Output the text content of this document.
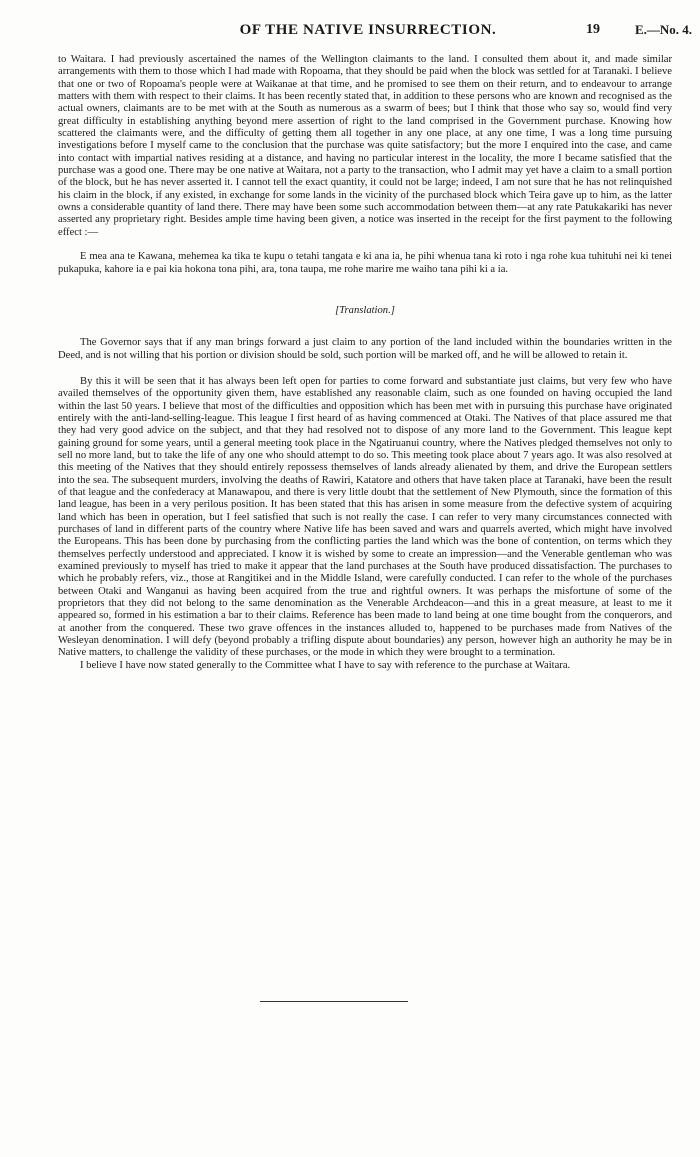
OF THE NATIVE INSURRECTION.	19	E.—No. 4.

to Waitara. I had previously ascertained the names of the Wellington claimants to the land. I consulted them about it, and made similar arrangements with them to those which I had made with Ropoama, that they should be paid when the block was settled for at Taranaki. I believe that one or two of Ropoama's people were at Waikanae at that time, and he promised to see them on their return, and to endeavour to arrange matters with them with respect to their claims. It has been recently stated that, in addition to these persons who are known and recognised as the actual owners, claimants are to be met with at the South as numerous as a swarm of bees; but I think that those who say so, would find very great difficulty in establishing anything beyond mere assertion of right to the land comprised in the Government purchase. Knowing how scattered the claimants were, and the difficulty of getting them all together in any one place, at any one time, I was a long time pursuing investigations before I myself came to the conclusion that the purchase was quite satisfactory; but the more I enquired into the case, and came into contact with impartial natives residing at a distance, and having no particular interest in the locality, the more I became satisfied that the purchase was a good one. There may be one native at Waitara, not a party to the transaction, who I admit may yet have a claim to a small portion of the block, but he has never asserted it. I cannot tell the exact quantity, it could not be large; indeed, I am not sure that he has not relinquished his claim in the block, if any existed, in exchange for some lands in the vicinity of the purchased block which Teira gave up to him, as the latter owns a considerable quantity of land there. There may have been some such accommodation between them—at any rate Patukakariki has never asserted any proprietary right. Besides ample time having been given, a notice was inserted in the receipt for the first payment to the following effect :—

E mea ana te Kawana, mehemea ka tika te kupu o tetahi tangata e ki ana ia, he pihi whenua tana ki roto i nga rohe kua tuhituhi nei ki tenei pukapuka, kahore ia e pai kia hokona tona pihi, ara, tona taupa, me rohe marire me waiho tana pihi ki a ia.

[Translation.]

The Governor says that if any man brings forward a just claim to any portion of the land included within the boundaries written in the Deed, and is not willing that his portion or division should be sold, such portion will be marked off, and he will be allowed to retain it.

By this it will be seen that it has always been left open for parties to come forward and substantiate just claims, but very few who have availed themselves of the opportunity given them, have established any reasonable claim, such as one founded on having occupied the land within the last 50 years. I believe that most of the difficulties and opposition which has been met with in pursuing this purchase have originated entirely with the anti-land-selling-league. This league I first heard of as having commenced at Otaki. The Natives of that place assured me that they had very good advice on the subject, and that they had resolved not to dispose of any more land to the Government. This league kept gaining ground for some years, until a general meeting took place in the Ngatiruanui country, where the Natives pledged themselves not only to sell no more land, but to take the life of any one who should attempt to do so. This meeting took place about 7 years ago. It was also resolved at this meeting of the Natives that they should entirely repossess themselves of lands already alienated by them, and drive the European settlers into the sea. The subsequent murders, involving the deaths of Rawiri, Katatore and others that have taken place at Taranaki, have been the result of that league and the confederacy at Manawapou, and there is very little doubt that the settlement of New Plymouth, since the formation of this land league, has been in a very perilous position. It has been stated that this has arisen in some measure from the defective system of acquiring land which has been in operation, but I feel satisfied that such is not really the case. I can refer to very many circumstances connected with purchases of land in different parts of the country where Native life has been saved and wars and quarrels averted, which might have involved the Europeans. This has been done by purchasing from the conflicting parties the land which was the bone of contention, on terms which they themselves perfectly understood and appreciated. I know it is wished by some to create an impression—and the Venerable gentleman who was examined previously to myself has tried to make it appear that the land purchases at the South have produced dissatisfaction. The purchases to which he probably refers, viz., those at Rangitikei and in the Middle Island, were carefully conducted. I can refer to the whole of the purchases between Otaki and Wanganui as having been acquired from the true and rightful owners. It was perhaps the misfortune of some of the proprietors that they did not belong to the same denomination as the Venerable Archdeacon—and this in a great measure, at least to me it appeared so, formed in his estimation a bar to their claims. Reference has been made to land being at one time bought from the conquerors, and at another from the conquered. These two grave offences in the instances alluded to, happened to be purchases made from Natives of the Wesleyan denomination. I will defy (beyond probably a trifling dispute about boundaries) any person, however high an authority he may be in Native matters, to challenge the validity of these purchases, or the mode in which they were brought to a termination.

I believe I have now stated generally to the Committee what I have to say with reference to the purchase at Waitara.
